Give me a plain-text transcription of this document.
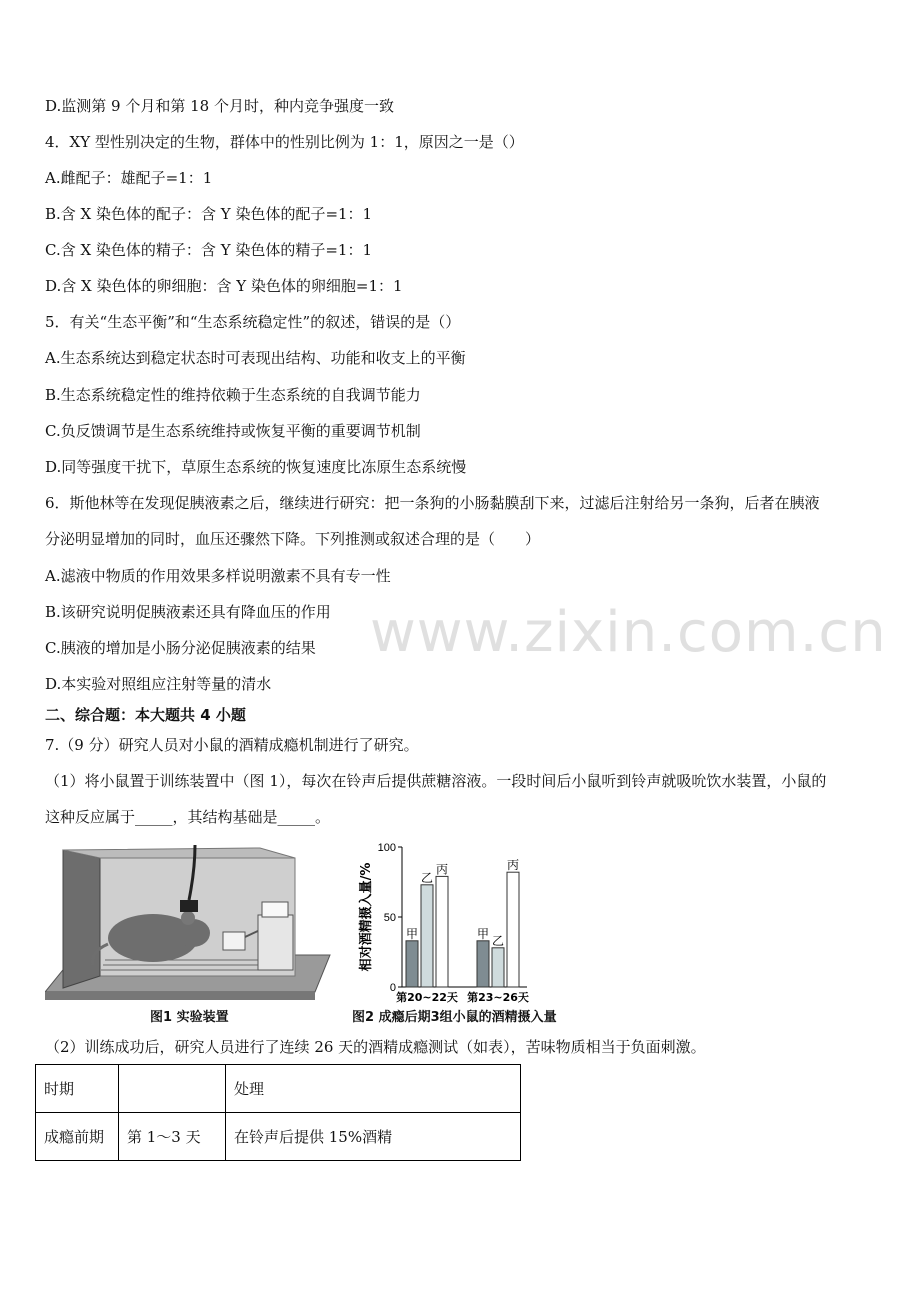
D.监测第 9 个月和第 18 个月时，种内竞争强度一致
4．XY 型性别决定的生物，群体中的性别比例为 1：1，原因之一是（）
A.雌配子：雄配子=1：1
B.含 X 染色体的配子：含 Y 染色体的配子=1：1
C.含 X 染色体的精子：含 Y 染色体的精子=1：1
D.含 X 染色体的卵细胞：含 Y 染色体的卵细胞=1：1
5．有关“生态平衡”和“生态系统稳定性”的叙述，错误的是（）
A.生态系统达到稳定状态时可表现出结构、功能和收支上的平衡
B.生态系统稳定性的维持依赖于生态系统的自我调节能力
C.负反馈调节是生态系统维持或恢复平衡的重要调节机制
D.同等强度干扰下，草原生态系统的恢复速度比冻原生态系统慢
6．斯他林等在发现促胰液素之后，继续进行研究：把一条狗的小肠黏膜刮下来，过滤后注射给另一条狗，后者在胰液
分泌明显增加的同时，血压还骤然下降。下列推测或叙述合理的是（　　）
A.滤液中物质的作用效果多样说明激素不具有专一性
B.该研究说明促胰液素还具有降血压的作用
C.胰液的增加是小肠分泌促胰液素的结果
D.本实验对照组应注射等量的清水
二、综合题：本大题共 4 小题
7.（9 分）研究人员对小鼠的酒精成瘾机制进行了研究。
（1）将小鼠置于训练装置中（图 1），每次在铃声后提供蔗糖溶液。一段时间后小鼠听到铃声就吸吮饮水装置，小鼠的
这种反应属于_____，其结构基础是_____。
（2）训练成功后，研究人员进行了连续 26 天的酒精成瘾测试（如表），苦味物质相当于负面刺激。
www.zixin.com.cn
图1 实验装置
0
50
100
相对酒精摄入量/%	甲
乙
丙
第20~22天
甲 乙
丙
第23~26天
图2 成瘾后期3组小鼠的酒精摄入量
时期		处理
成瘾前期	第 1～3 天	在铃声后提供 15%酒精
